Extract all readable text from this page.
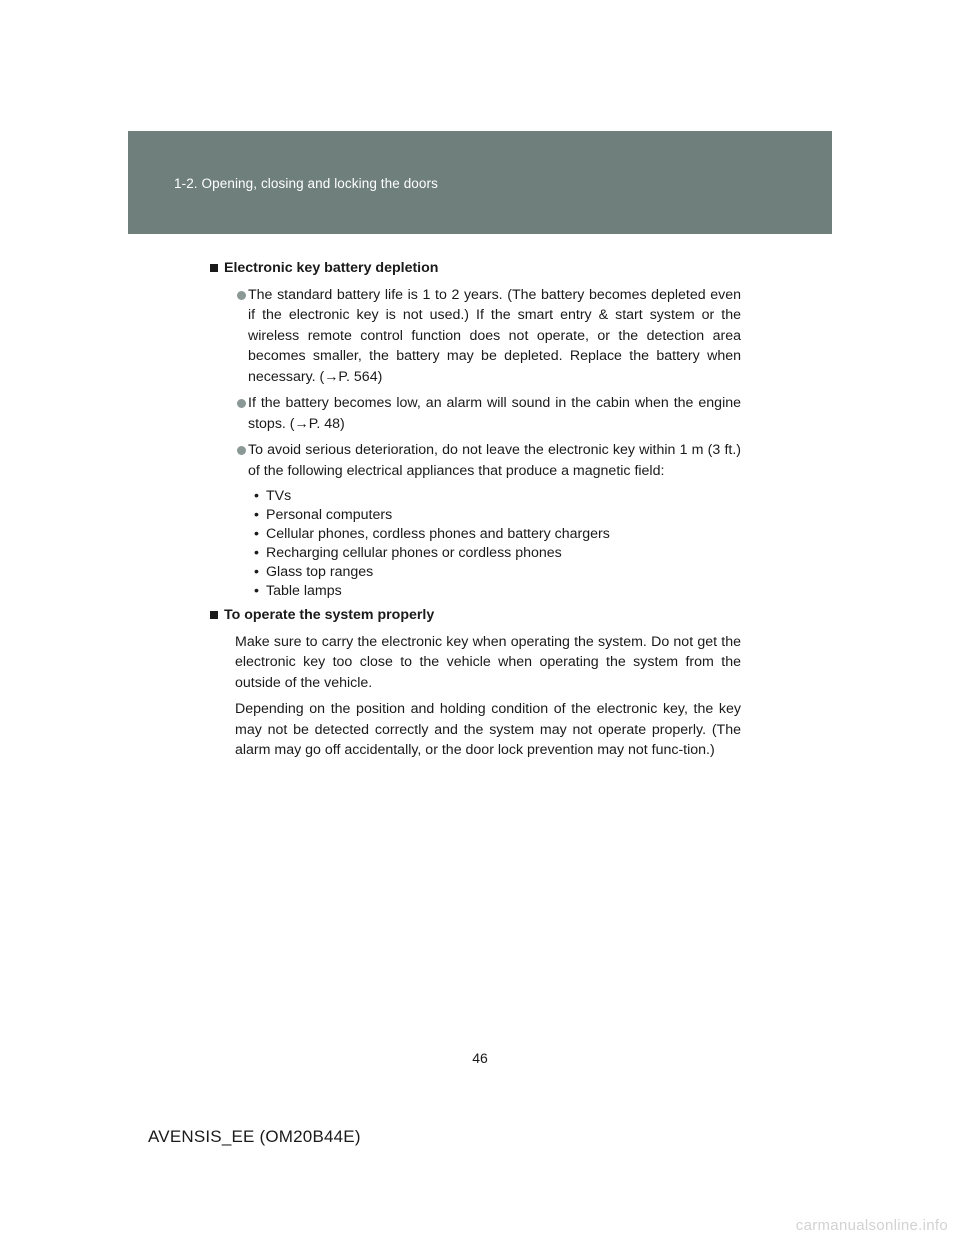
1-2. Opening, closing and locking the doors
Electronic key battery depletion
The standard battery life is 1 to 2 years. (The battery becomes depleted even if the electronic key is not used.) If the smart entry & start system or the wireless remote control function does not operate, or the detection area becomes smaller, the battery may be depleted. Replace the battery when necessary. (→P. 564)
If the battery becomes low, an alarm will sound in the cabin when the engine stops. (→P. 48)
To avoid serious deterioration, do not leave the electronic key within 1 m (3 ft.) of the following electrical appliances that produce a magnetic field:
• TVs
• Personal computers
• Cellular phones, cordless phones and battery chargers
• Recharging cellular phones or cordless phones
• Glass top ranges
• Table lamps
To operate the system properly

Make sure to carry the electronic key when operating the system. Do not get the electronic key too close to the vehicle when operating the system from the outside of the vehicle.

Depending on the position and holding condition of the electronic key, the key may not be detected correctly and the system may not operate properly. (The alarm may go off accidentally, or the door lock prevention may not func-tion.)

46
AVENSIS_EE (OM20B44E)
carmanualsonline.info
